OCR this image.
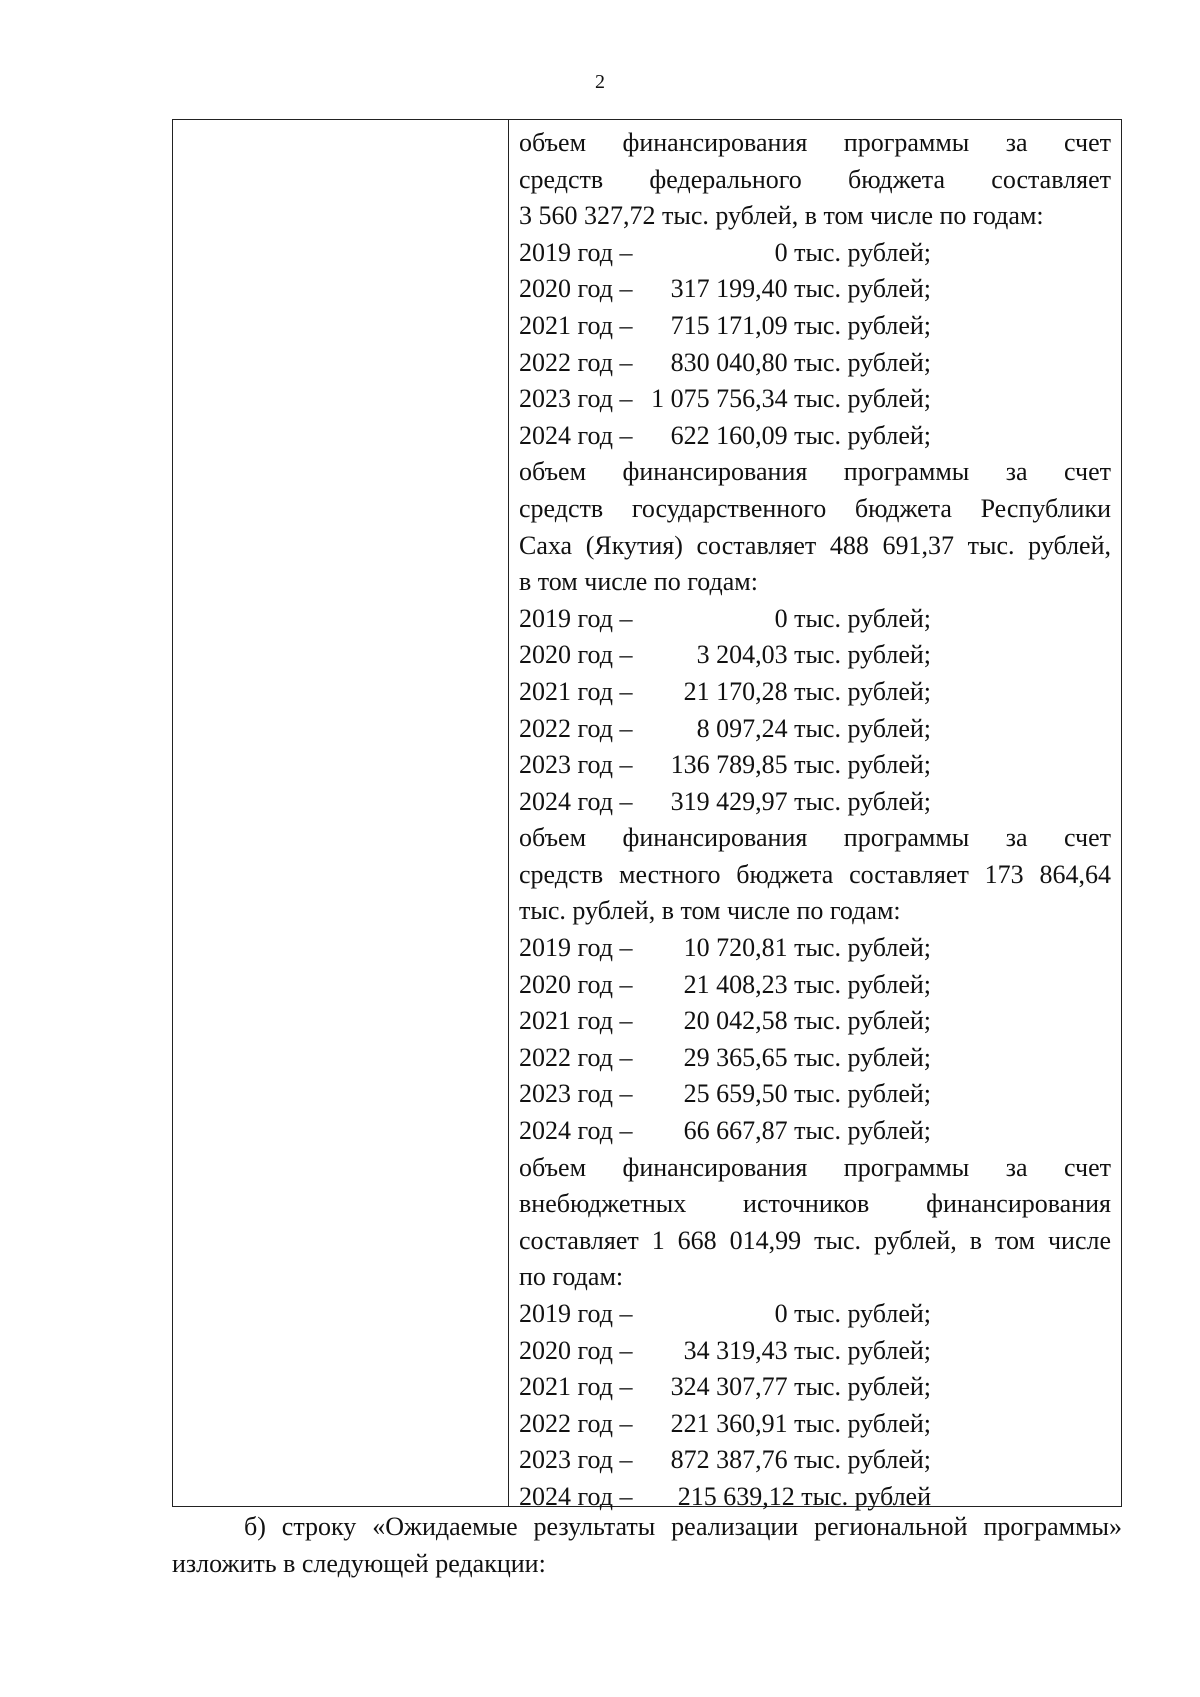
2
объем финансирования программы за счет
средств федерального бюджета составляет
3 560 327,72 тыс. рублей, в том числе по годам:
2019 год –	0 тыс. рублей;
2020 год – 317 199,40 тыс. рублей;
2021 год – 715 171,09 тыс. рублей;
2022 год – 830 040,80 тыс. рублей;
2023 год – 1 075 756,34 тыс. рублей;
2024 год – 622 160,09 тыс. рублей;
объем финансирования программы за счет
средств государственного бюджета Республики
Саха (Якутия) составляет 488 691,37 тыс. рублей,
в том числе по годам:
2019 год –	0 тыс. рублей;
2020 год – 3 204,03 тыс. рублей;
2021 год – 21 170,28 тыс. рублей;
2022 год – 8 097,24 тыс. рублей;
2023 год – 136 789,85 тыс. рублей;
2024 год – 319 429,97 тыс. рублей;
объем финансирования программы за счет
средств местного бюджета составляет 173 864,64
тыс. рублей, в том числе по годам:
2019 год – 10 720,81 тыс. рублей;
2020 год – 21 408,23 тыс. рублей;
2021 год – 20 042,58 тыс. рублей;
2022 год – 29 365,65 тыс. рублей;
2023 год – 25 659,50 тыс. рублей;
2024 год – 66 667,87 тыс. рублей;
объем финансирования программы за счет
внебюджетных источников финансирования
составляет 1 668 014,99 тыс. рублей, в том числе
по годам:
2019 год –	0 тыс. рублей;
2020 год – 34 319,43 тыс. рублей;
2021 год – 324 307,77 тыс. рублей;
2022 год – 221 360,91 тыс. рублей;
2023 год – 872 387,76 тыс. рублей;
2024 год – 215 639,12 тыс. рублей
б) строку «Ожидаемые результаты реализации региональной программы»
изложить в следующей редакции:
